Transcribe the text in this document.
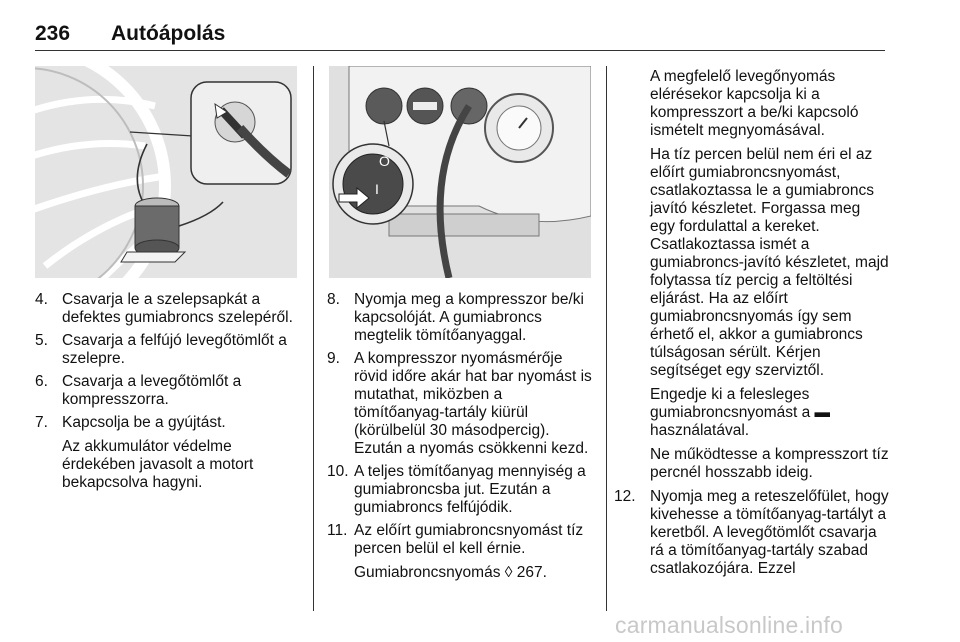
236 Autóápolás
O
I
4. Csavarja le a szelepsapkát a defektes gumiabroncs szelepéről.

5. Csavarja a felfújó levegőtömlőt a szelepre.

6. Csavarja a levegőtömlőt a kompresszorra.

7. Kapcsolja be a gyújtást.

Az akkumulátor védelme érdekében javasolt a motort bekapcsolva hagyni.

8. Nyomja meg a kompresszor be/ki kapcsolóját. A gumiabroncs megtelik tömítőanyaggal.

9. A kompresszor nyomásmérője rövid időre akár hat bar nyomást is mutathat, miközben a tömítőanyag-tartály kiürül (körülbelül 30 másodpercig). Ezután a nyomás csökkenni kezd.

10. A teljes tömítőanyag mennyiség a gumiabroncsba jut. Ezután a gumiabroncs felfújódik.

11. Az előírt gumiabroncsnyomást tíz percen belül el kell érnie.

Gumiabroncsnyomás ◊ 267.

A megfelelő levegőnyomás elérésekor kapcsolja ki a kompresszort a be/ki kapcsoló ismételt megnyomásával.

Ha tíz percen belül nem éri el az előírt gumiabroncsnyomást, csatlakoztassa le a gumiabroncs javító készletet. Forgassa meg egy fordulattal a kereket. Csatlakoztassa ismét a gumiabroncs-javító készletet, majd folytassa tíz percig a feltöltési eljárást. Ha az előírt gumiabroncsnyomás így sem érhető el, akkor a gumiabroncs túlságosan sérült. Kérjen segítséget egy szerviztől.

Engedje ki a felesleges gumiabroncsnyomást a ▬ használatával.

Ne működtesse a kompresszort tíz percnél hosszabb ideig.

12. Nyomja meg a reteszelőfület, hogy kivehesse a tömítőanyag-tartályt a keretből. A levegőtömlőt csavarja rá a tömítőanyag-tartály szabad csatlakozójára. Ezzel

carmanualsonline.info
